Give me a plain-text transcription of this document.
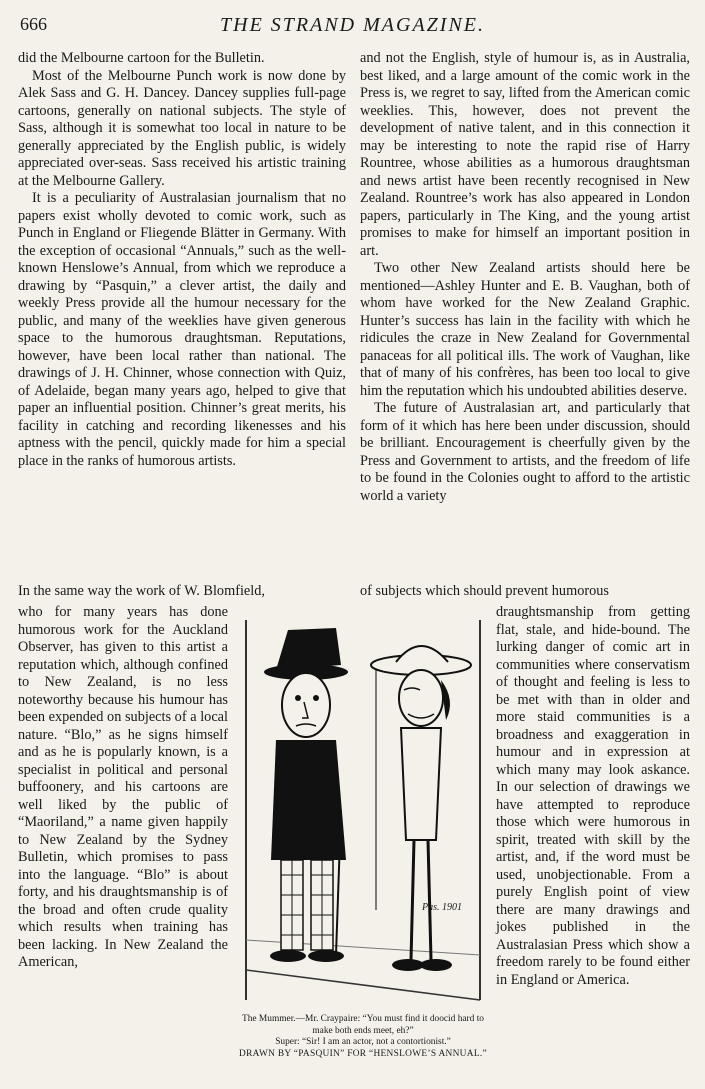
666	THE STRAND MAGAZINE.

did the Melbourne cartoon for the Bulletin.

Most of the Melbourne Punch work is now done by Alek Sass and G. H. Dancey. Dancey supplies full-page cartoons, generally on national subjects. The style of Sass, although it is somewhat too local in nature to be generally appreciated by the English public, is widely appreciated over-seas. Sass received his artistic training at the Melbourne Gallery.

It is a peculiarity of Australasian journalism that no papers exist wholly devoted to comic work, such as Punch in England or Fliegende Blätter in Germany. With the exception of occasional “Annuals,” such as the well-known Henslowe’s Annual, from which we reproduce a drawing by “Pasquin,” a clever artist, the daily and weekly Press provide all the humour necessary for the public, and many of the weeklies have given generous space to the humorous draughtsman. Reputations, however, have been local rather than national. The drawings of J. H. Chinner, whose connection with Quiz, of Adelaide, began many years ago, helped to give that paper an influential position. Chinner’s great merits, his facility in catching and recording likenesses and his aptness with the pencil, quickly made for him a special place in the ranks of humorous artists.

and not the English, style of humour is, as in Australia, best liked, and a large amount of the comic work in the Press is, we regret to say, lifted from the American comic weeklies. This, however, does not prevent the development of native talent, and in this connection it may be interesting to note the rapid rise of Harry Rountree, whose abilities as a humorous draughtsman and news artist have been recently recognised in New Zealand. Rountree’s work has also appeared in London papers, particularly in The King, and the young artist promises to make for himself an important position in art.

Two other New Zealand artists should here be mentioned—Ashley Hunter and E. B. Vaughan, both of whom have worked for the New Zealand Graphic. Hunter’s success has lain in the facility with which he ridicules the craze in New Zealand for Governmental panaceas for all political ills. The work of Vaughan, like that of many of his confrères, has been too local to give him the reputation which his undoubted abilities deserve.

The future of Australasian art, and particularly that form of it which has here been under discussion, should be brilliant. Encouragement is cheerfully given by the Press and Government to artists, and the freedom of life to be found in the Colonies ought to afford to the artistic world a variety

In the same way the work of W. Blomfield,	of subjects which should prevent humorous

who for many years has done humorous work for the Auckland Observer, has given to this artist a reputation which, although confined to New Zealand, is no less noteworthy because his humour has been expended on subjects of a local nature. “Blo,” as he signs himself and as he is popularly known, is a specialist in political and personal buffoonery, and his cartoons are well liked by the public of “Maoriland,” a name given happily to New Zealand by the Sydney Bulletin, which promises to pass into the language. “Blo” is about forty, and his draughtsmanship is of the broad and often crude quality which results when training has been lacking. In New Zealand the American,

draughtsmanship from getting flat, stale, and hide-bound. The lurking danger of comic art in communities where conservatism of thought and feeling is less to be met with than in older and more staid communities is a broadness and exaggeration in humour and in expression at which many may look askance. In our selection of drawings we have attempted to reproduce those which were humorous in spirit, treated with skill by the artist, and, if the word must be used, unobjectionable. From a purely English point of view there are many drawings and jokes published in the Australasian Press which show a freedom rarely to be found either in England or America.

Pas. 1901
The Mummer.—Mr. Craypaire: “You must find it doocid hard to make both ends meet, eh?”
Super: “Sir! I am an actor, not a contortionist.”
DRAWN BY “PASQUIN” FOR “HENSLOWE’S ANNUAL.”
